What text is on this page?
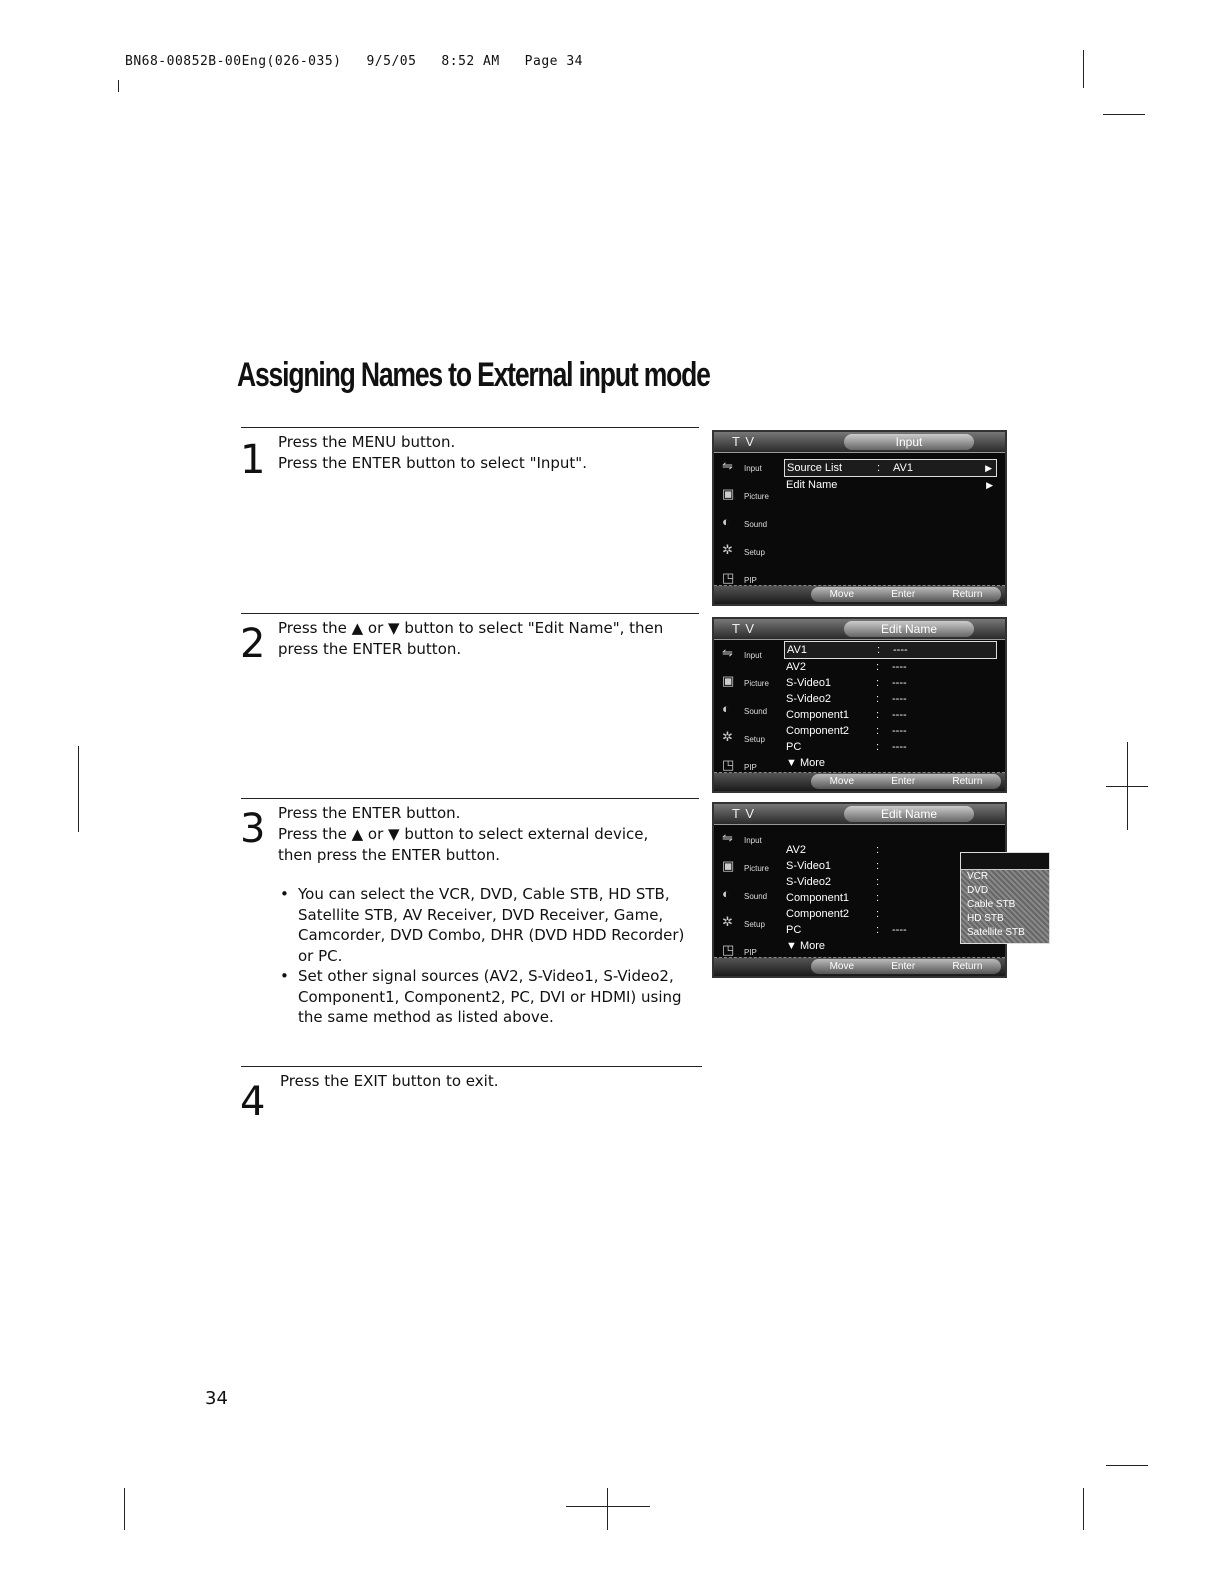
BN68-00852B-00Eng(026-035)   9/5/05   8:52 AM   Page 34
Assigning Names to External input mode
1 Press the MENU button.
Press the ENTER button to select "Input".
2 Press the ▲ or ▼ button to select "Edit Name", then
press the ENTER button.
3 Press the ENTER button.
Press the ▲ or ▼ button to select external device,
then press the ENTER button.
• You can select the VCR, DVD, Cable STB, HD STB, Satellite STB, AV Receiver, DVD Receiver, Game, Camcorder, DVD Combo, DHR (DVD HDD Recorder) or PC.
• Set other signal sources (AV2, S-Video1, S-Video2, Component1, Component2, PC, DVI or HDMI) using the same method as listed above.
4 Press the EXIT button to exit.
T V	Input
⇋ Input
▣ Picture
◐ Sound
✲ Setup
◳ PIP
Source List	: AV1	▶
Edit Name	▶
Move	Enter	Return
T V	Edit Name
⇋ Input
▣ Picture
◐ Sound
✲ Setup
◳ PIP
AV1	: ----
AV2	: ----
S-Video1	: ----
S-Video2	: ----
Component1 : ----
Component2 : ----
PC	: ----
▼ More
Move	Enter	Return
T V	Edit Name
⇋ Input
▣ Picture
◐ Sound
✲ Setup
◳ PIP
AV2	:
S-Video1	:
S-Video2	:
Component1 :
Component2 :
PC	: ----
▼ More
VCR
DVD
Cable STB
HD STB
Satellite STB
Move	Enter	Return
34
